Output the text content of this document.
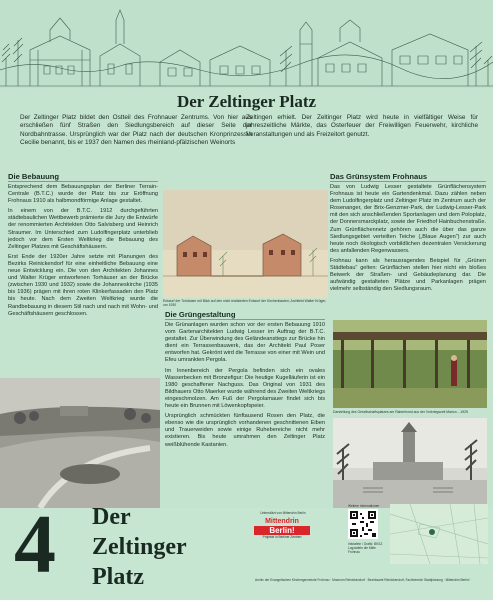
Der Zeltinger Platz
Der Zeltinger Platz bildet den Ostteil des Frohnauer Zentrums. Von hier aus erschließen fünf Straßen den Siedlungsbereich auf dieser Seite der Nordbahntrasse. Ursprünglich war der Platz nach der deutschen Kronprinzessin Cecilie benannt, bis er 1937 den Namen des rheinland-pfälzischen Weinorts
Zeltingen erhielt. Der Zeltinger Platz wird heute in vielfältiger Weise für jahreszeitliche Märkte, das Osterfeuer der Freiwilligen Feuerwehr, kirchliche Veranstaltungen und als Freizeitort genutzt.
Die Bebauung

Entsprechend dem Bebauungsplan der Berliner Terrain-Centrale (B.T.C.) wurde der Platz bis zur Eröffnung Frohnaus 1910 als halbmondförmige Anlage gestaltet.

In einem von der B.T.C. 1912 durchgeführten städtebaulichen Wettbewerb prämierte die Jury die Entwürfe der renommierten Architekten Otto Salvisberg und Heinrich Straumer. Im Unterschied zum Ludolfingerplatz unterblieb jedoch vor dem Ersten Weltkrieg die Bebauung des Zeltinger Platzes mit Geschäftshäusern.

Erst Ende der 1920er Jahre setzte mit Planungen des Bezirks Reinickendorf für eine einheitliche Bebauung eine neue Entwicklung ein. Die von den Architekten Johannes und Walter Krüger entworfenen Torhäuser an der Brücke (zwischen 1930 und 1932) sowie die Johanneskirche (1935 bis 1936) prägen mit ihren roten Klinkerfassaden den Platz bis heute. Nach dem Zweiten Weltkrieg wurde die Randbebauung in diesem Stil nach und nach mit Wohn- und Geschäftshäusern geschlossen.

Entwurf der Torhäuser mit Blick auf den nicht realisierten Entwurf der Kirchenbauten, Architekt Walter Krüger, um 1930
Die Grüngestaltung

Die Grünanlagen wurden schon vor der ersten Bebauung 1910 vom Gartenarchitekten Ludwig Lesser im Auftrag der B.T.C. gestaltet. Zur Überwindung des Geländeanstiegs zur Brücke hin dient ein Terrassenbauwerk, das der Architekt Paul Poser entworfen hat. Gekrönt wird die Terrasse von einer mit Wein und Efeu umrankten Pergola.

Im Innenbereich der Pergola befinden sich ein ovales Wasserbecken mit Bronzefigur: Die heutige Kugelläuferin ist ein 1980 geschaffener Nachguss. Das Original von 1931 des Bildhauers Otto Maerker wurde während des Zweiten Weltkriegs eingeschmolzen. Am Fuß der Pergolamauer findet sich bis heute ein Brunnen mit Löwenkopfspeier.

Ursprünglich schmückten fünftausend Rosen den Platz, die ebenso wie die ursprünglich vorhandenen geschnittenen Eiben und Trauerweiden sowie einige Ruhebereiche nicht mehr existieren. Bis heute umrahmen den Zeltinger Platz weißblühende Kastanien.

Das Grünsystem Frohnaus

Das von Ludwig Lesser gestaltete Grünflächensystem Frohnaus ist heute ein Gartendenkmal. Dazu zählen neben dem Ludolfingerplatz und Zeltinger Platz im Zentrum auch der Rosenanger, der Brix-Genzmer-Park, der Ludwig-Lesser-Park mit den sich anschließenden Sportanlagen und dem Poloplatz, der Donnersmarckplatz, sowie der Friedhof Hainbuchenstraße. Zum Grünflächennetz gehören auch die über das ganze Siedlungsgebiet verteilten Teiche („Blaue Augen“) zur auch heute noch ökologisch vorbildlichen dezentralen Versickerung des anfallenden Regenwassers.

Frohnau kann als herausragendes Beispiel für „Grünen Städtebau“ gelten: Grünflächen stellen hier nicht ein bloßes Beiwerk der Straßen- und Gebäudeplanung dar. Die aufwändig gestalteten Plätze und Parkanlagen prägen vielmehr selbständig den Siedlungsraum.

Darstellung des Gesellschaftsplatzes am Rabenhorst aus der Vorkriegszeit Marion ...1925
4 Der
Zeltinger
Platz
Unterstützt von Mittendrin Berlin
Mittendrin
Berlin!
Projekte in Berliner Zentren
Weitere Informationen
Infotafeln / Grafik: BKSZ Logotafeln die Mitte Frohnau
Archiv der Evangelischen Kirchengemeinde Frohnau · Museum Reinickendorf · Bezirksamt Reinickendorf, Fachbereich Stadtplanung · Mittendrin Berlin!
